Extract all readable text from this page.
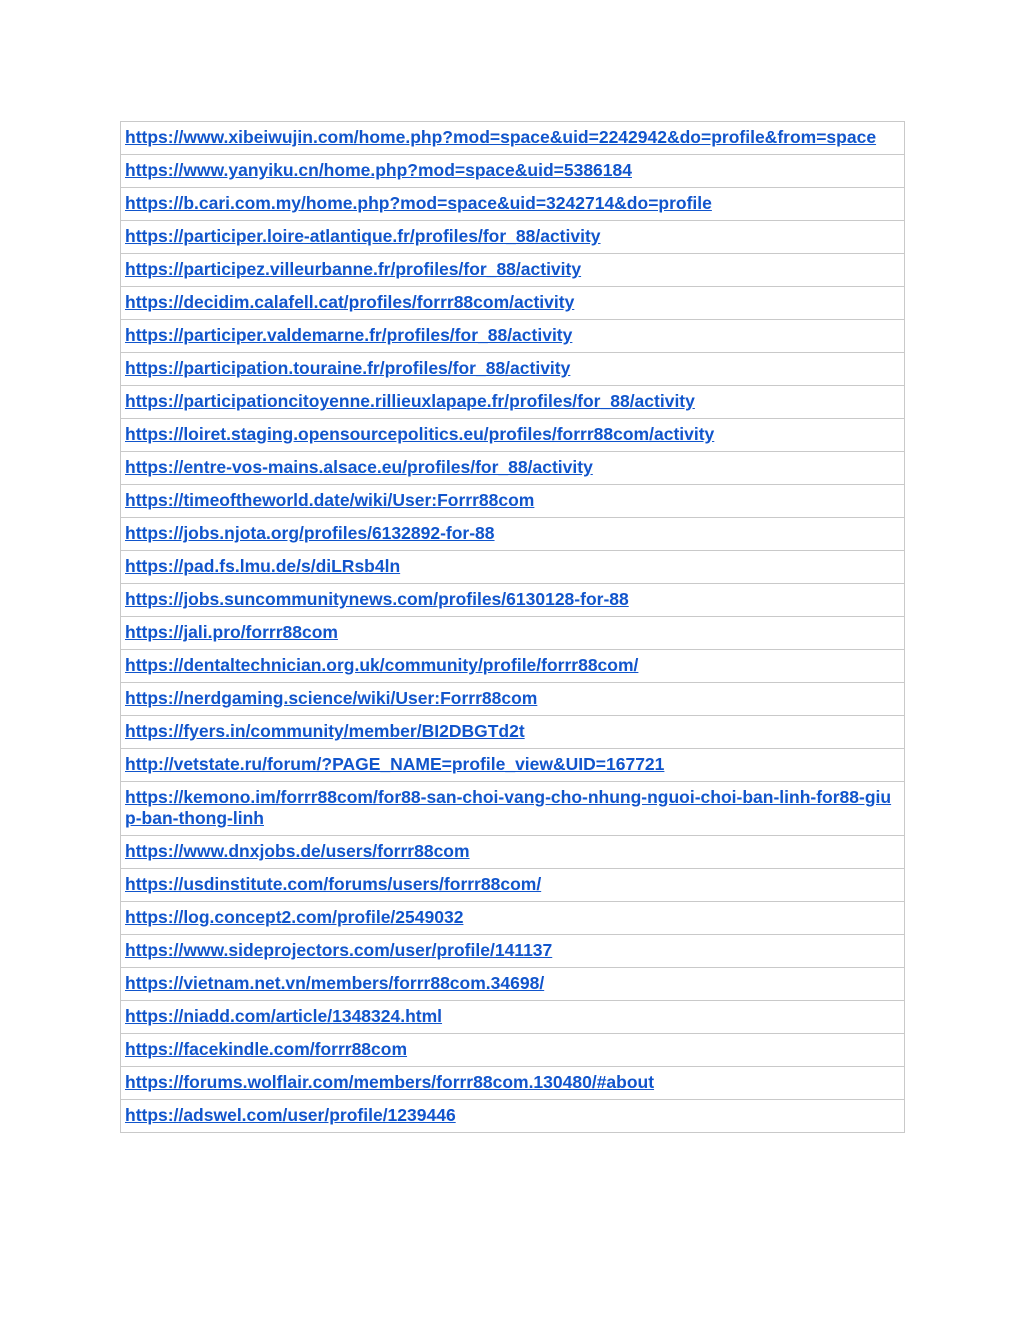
https://www.xibeiwujin.com/home.php?mod=space&uid=2242942&do=profile&from=space
https://www.yanyiku.cn/home.php?mod=space&uid=5386184
https://b.cari.com.my/home.php?mod=space&uid=3242714&do=profile
https://participer.loire-atlantique.fr/profiles/for_88/activity
https://participez.villeurbanne.fr/profiles/for_88/activity
https://decidim.calafell.cat/profiles/forrr88com/activity
https://participer.valdemarne.fr/profiles/for_88/activity
https://participation.touraine.fr/profiles/for_88/activity
https://participationcitoyenne.rillieuxlapape.fr/profiles/for_88/activity
https://loiret.staging.opensourcepolitics.eu/profiles/forrr88com/activity
https://entre-vos-mains.alsace.eu/profiles/for_88/activity
https://timeoftheworld.date/wiki/User:Forrr88com
https://jobs.njota.org/profiles/6132892-for-88
https://pad.fs.lmu.de/s/diLRsb4ln
https://jobs.suncommunitynews.com/profiles/6130128-for-88
https://jali.pro/forrr88com
https://dentaltechnician.org.uk/community/profile/forrr88com/
https://nerdgaming.science/wiki/User:Forrr88com
https://fyers.in/community/member/BI2DBGTd2t
http://vetstate.ru/forum/?PAGE_NAME=profile_view&UID=167721
https://kemono.im/forrr88com/for88-san-choi-vang-cho-nhung-nguoi-choi-ban-linh-for88-giup-ban-thong-linh
https://www.dnxjobs.de/users/forrr88com
https://usdinstitute.com/forums/users/forrr88com/
https://log.concept2.com/profile/2549032
https://www.sideprojectors.com/user/profile/141137
https://vietnam.net.vn/members/forrr88com.34698/
https://niadd.com/article/1348324.html
https://facekindle.com/forrr88com
https://forums.wolflair.com/members/forrr88com.130480/#about
https://adswel.com/user/profile/1239446
